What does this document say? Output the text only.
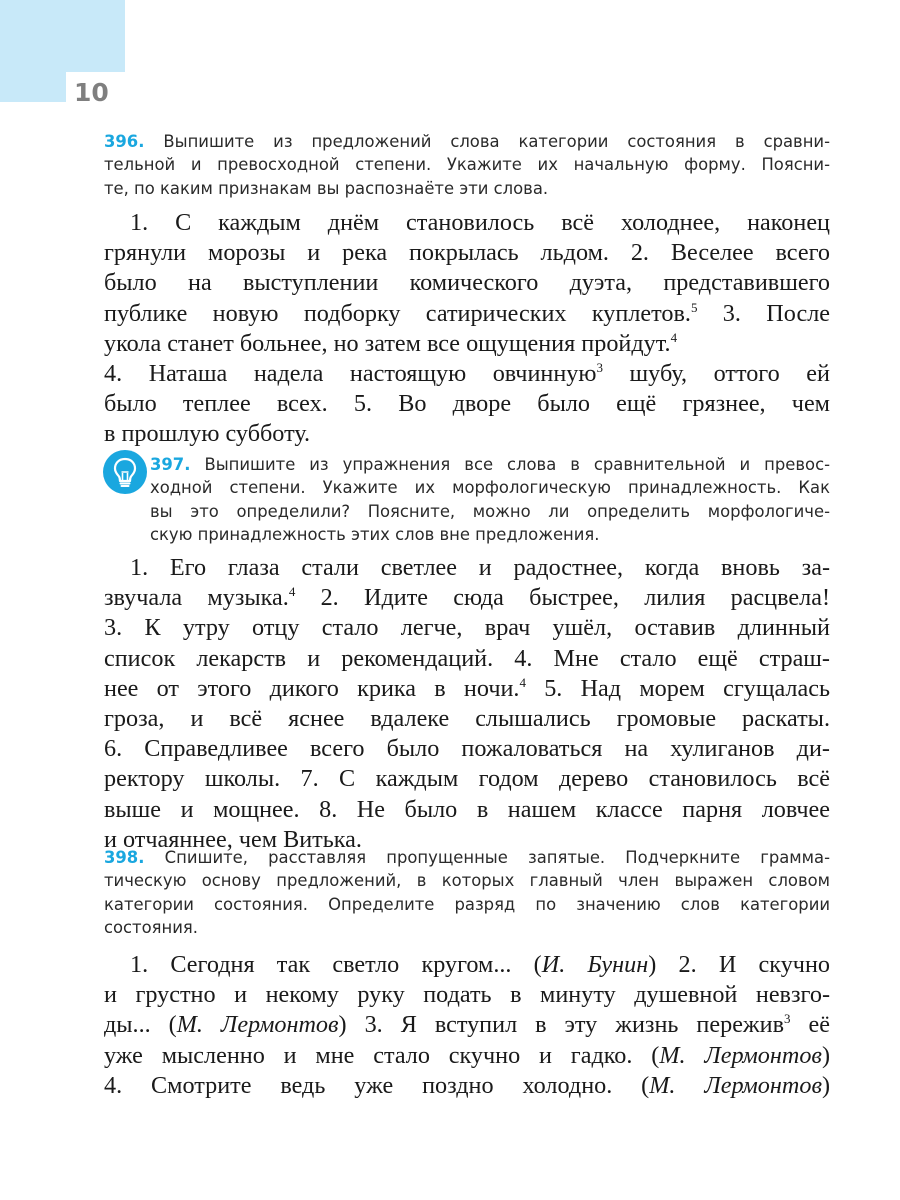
10
396. Выпишите из предложений слова категории состояния в сравни-
тельной и превосходной степени. Укажите их начальную форму. Поясни-
те, по каким признакам вы распознаёте эти слова.
1. С каждым днём становилось всё холоднее, наконец
грянули морозы и река покрылась льдом. 2. Веселее всего
было на выступлении комического дуэта, представившего
публике новую подборку сатирических куплетов.$^5$ 3. После
укола станет больнее, но затем все ощущения пройдут.$^4$
4. Наташа надела настоящую овчинную$^3$ шубу, оттого ей
было теплее всех. 5. Во дворе было ещё грязнее, чем
в прошлую субботу.
397. Выпишите из упражнения все слова в сравнительной и превос-
ходной степени. Укажите их морфологическую принадлежность. Как
вы это определили? Поясните, можно ли определить морфологиче-
скую принадлежность этих слов вне предложения.
1. Его глаза стали светлее и радостнее, когда вновь за-
звучала музыка.$^4$ 2. Идите сюда быстрее, лилия расцвела!
3. К утру отцу стало легче, врач ушёл, оставив длинный
список лекарств и рекомендаций. 4. Мне стало ещё страш-
нее от этого дикого крика в ночи.$^4$ 5. Над морем сгущалась
гроза, и всё яснее вдалеке слышались громовые раскаты.
6. Справедливее всего было пожаловаться на хулиганов ди-
ректору школы. 7. С каждым годом дерево становилось всё
выше и мощнее. 8. Не было в нашем классе парня ловчее
и отчаяннее, чем Витька.
398. Спишите, расставляя пропущенные запятые. Подчеркните грамма-
тическую основу предложений, в которых главный член выражен словом
категории состояния. Определите разряд по значению слов категории
состояния.
1. Сегодня так светло кругом... (И. Бунин) 2. И скучно
и грустно и некому руку подать в минуту душевной невзго-
ды... (М. Лермонтов) 3. Я вступил в эту жизнь пережив$^3$ её
уже мысленно и мне стало скучно и гадко. (М. Лермонтов)
4. Смотрите ведь уже поздно холодно. (М. Лермонтов)
